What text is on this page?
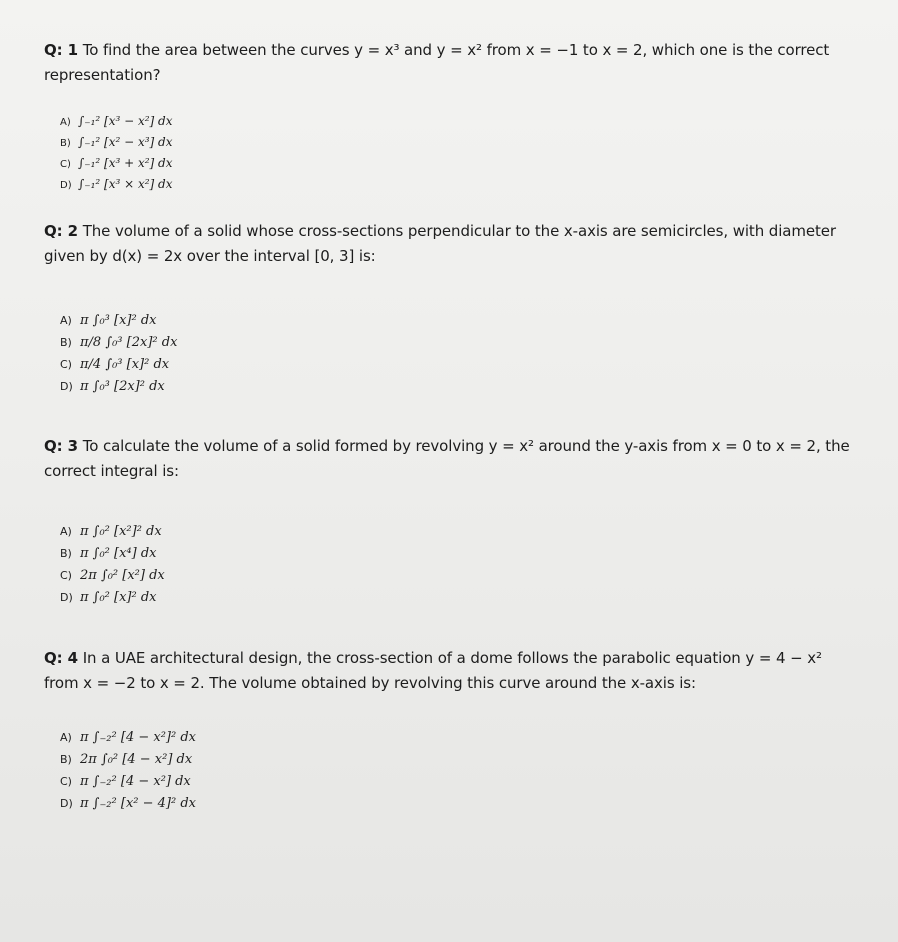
Q: 1 To find the area between the curves y = x³ and y = x² from x = −1 to x = 2, which one is the correct representation?
A) ∫₋₁² [x³ − x²] dx
B) ∫₋₁² [x² − x³] dx
C) ∫₋₁² [x³ + x²] dx
D) ∫₋₁² [x³ × x²] dx
Q: 2 The volume of a solid whose cross-sections perpendicular to the x-axis are semicircles, with diameter given by d(x) = 2x over the interval [0, 3] is:
A) π ∫₀³ [x]² dx
B) π/8 ∫₀³ [2x]² dx
C) π/4 ∫₀³ [x]² dx
D) π ∫₀³ [2x]² dx
Q: 3 To calculate the volume of a solid formed by revolving y = x² around the y-axis from x = 0 to x = 2, the correct integral is:
A) π ∫₀² [x²]² dx
B) π ∫₀² [x⁴] dx
C) 2π ∫₀² [x²] dx
D) π ∫₀² [x]² dx
Q: 4 In a UAE architectural design, the cross-section of a dome follows the parabolic equation y = 4 − x² from x = −2 to x = 2. The volume obtained by revolving this curve around the x-axis is:
A) π ∫₋₂² [4 − x²]² dx
B) 2π ∫₀² [4 − x²] dx
C) π ∫₋₂² [4 − x²] dx
D) π ∫₋₂² [x² − 4]² dx
